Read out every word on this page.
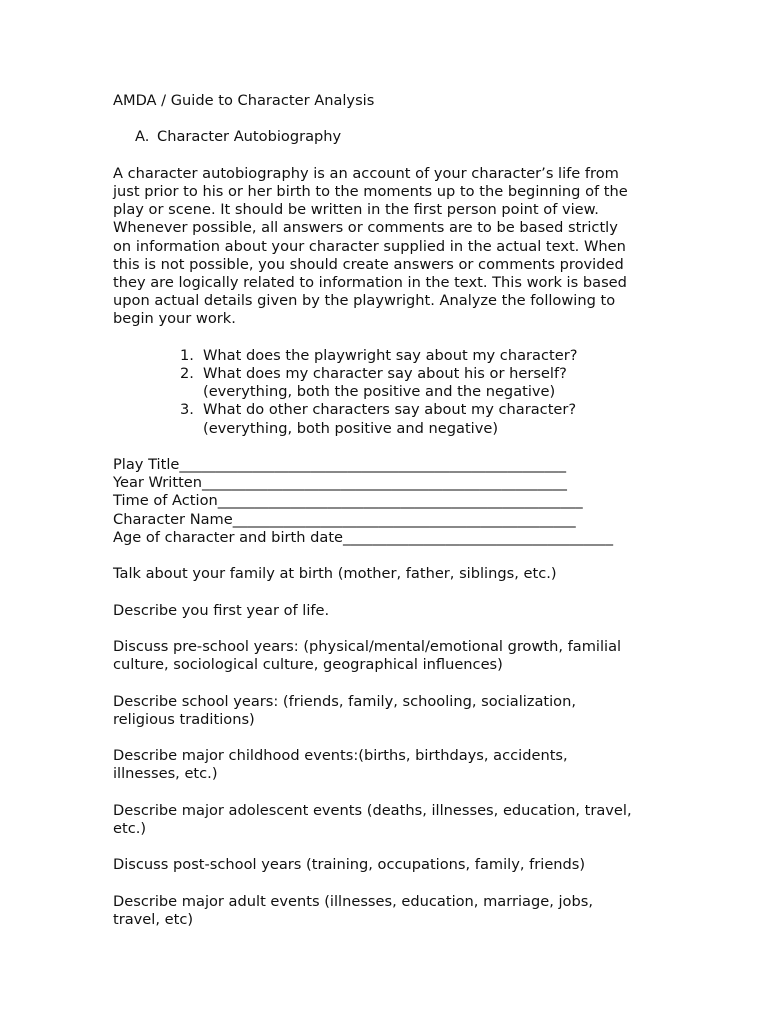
AMDA / Guide to Character Analysis

A. Character Autobiography

A character autobiography is an account of your character’s life from

just prior to his or her birth to the moments up to the beginning of the

play or scene. It should be written in the first person point of view.

Whenever possible, all answers or comments are to be based strictly

on information about your character supplied in the actual text. When

this is not possible, you should create answers or comments provided

they are logically related to information in the text. This work is based

upon actual details given by the playwright. Analyze the following to

begin your work.

1. What does the playwright say about my character?

2. What does my character say about his or herself?

(everything, both the positive and the negative)

3. What do other characters say about my character?

(everything, both positive and negative)

Play Title_____________________________________________________

Year Written__________________________________________________

Time of Action__________________________________________________

Character Name_______________________________________________

Age of character and birth date_____________________________________

Talk about your family at birth (mother, father, siblings, etc.)

Describe you first year of life.

Discuss pre-school years: (physical/mental/emotional growth, familial

culture, sociological culture, geographical influences)

Describe school years: (friends, family, schooling, socialization,

religious traditions)

Describe major childhood events:(births, birthdays, accidents,

illnesses, etc.)

Describe major adolescent events (deaths, illnesses, education, travel,

etc.)

Discuss post-school years (training, occupations, family, friends)

Describe major adult events (illnesses, education, marriage, jobs,

travel, etc)
